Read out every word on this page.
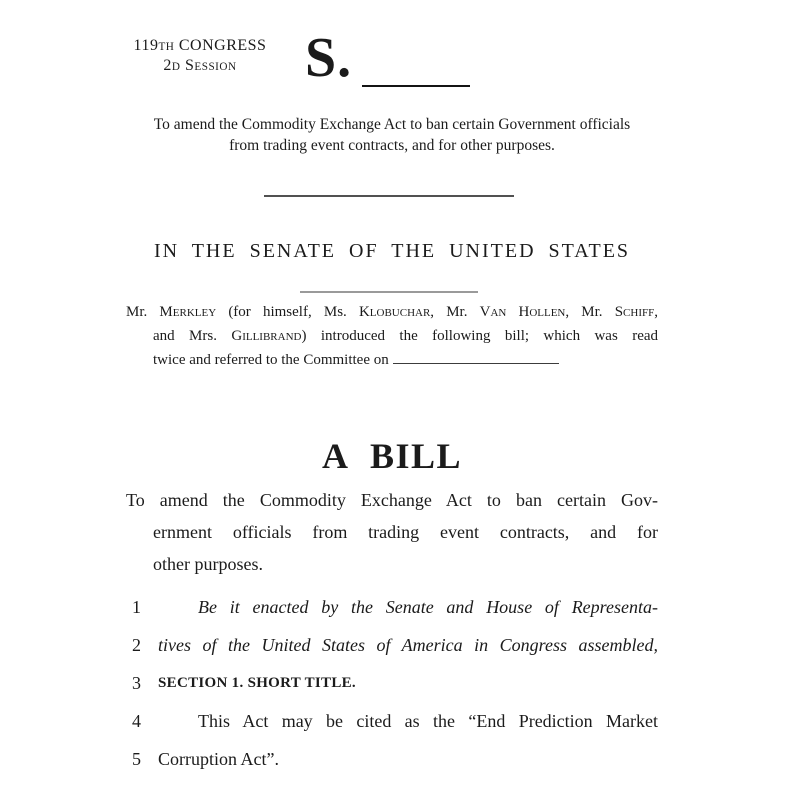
119TH CONGRESS
2D SESSION	S.
To amend the Commodity Exchange Act to ban certain Government officials
from trading event contracts, and for other purposes.
IN THE SENATE OF THE UNITED STATES
Mr. Merkley (for himself, Ms. Klobuchar, Mr. Van Hollen, Mr. Schiff,
and Mrs. Gillibrand) introduced the following bill; which was read
twice and referred to the Committee on
A BILL
To amend the Commodity Exchange Act to ban certain Gov-
ernment officials from trading event contracts, and for
other purposes.
1	Be it enacted by the Senate and House of Representa-
2 tives of the United States of America in Congress assembled,
3 SECTION 1. SHORT TITLE.
4	This Act may be cited as the “End Prediction Market
5 Corruption Act”.
